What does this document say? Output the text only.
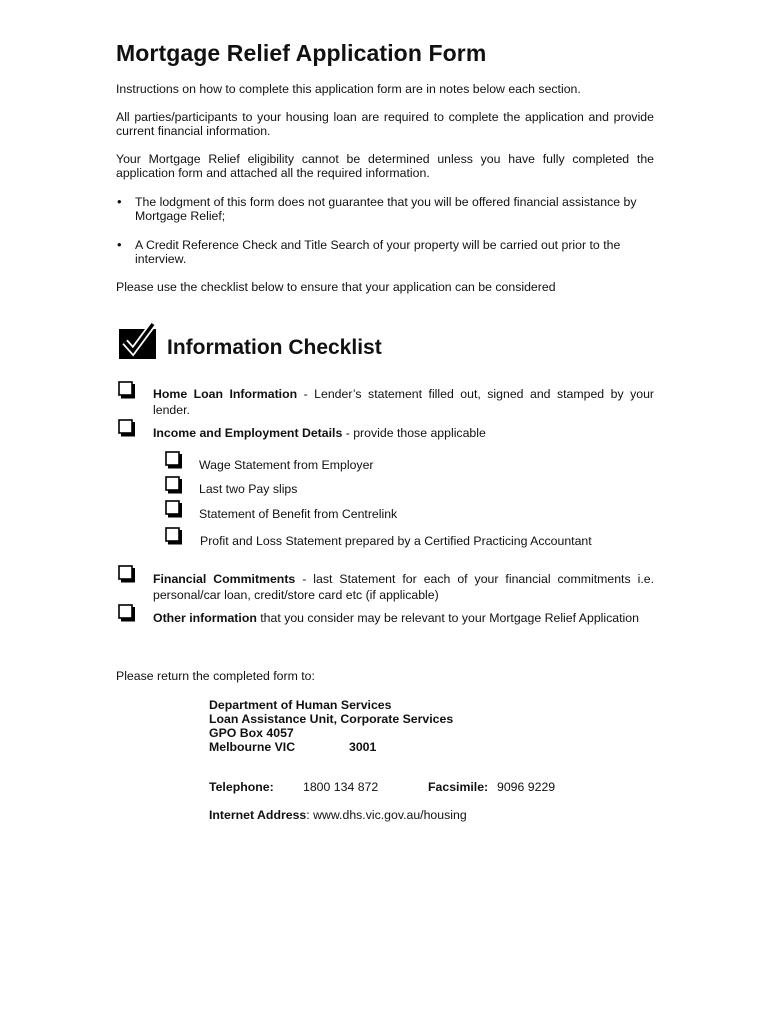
Mortgage Relief Application Form

Instructions on how to complete this application form are in notes below each section.

All parties/participants to your housing loan are required to complete the application and provide current financial information.

Your Mortgage Relief eligibility cannot be determined unless you have fully completed the application form and attached all the required information.

• The lodgment of this form does not guarantee that you will be offered financial assistance by Mortgage Relief;

• A Credit Reference Check and Title Search of your property will be carried out prior to the interview.

Please use the checklist below to ensure that your application can be considered

Information Checklist

Home Loan Information - Lender’s statement filled out, signed and stamped by your lender.

Income and Employment Details - provide those applicable

Wage Statement from Employer

Last two Pay slips

Statement of Benefit from Centrelink

Profit and Loss Statement prepared by a Certified Practicing Accountant

Financial Commitments - last Statement for each of your financial commitments i.e. personal/car loan, credit/store card etc (if applicable)

Other information that you consider may be relevant to your Mortgage Relief Application

Please return the completed form to:

Department of Human Services

Loan Assistance Unit, Corporate Services

GPO Box 4057

Melbourne VIC	3001

Telephone: 1800 134 872	Facsimile: 9096 9229

Internet Address: www.dhs.vic.gov.au/housing
